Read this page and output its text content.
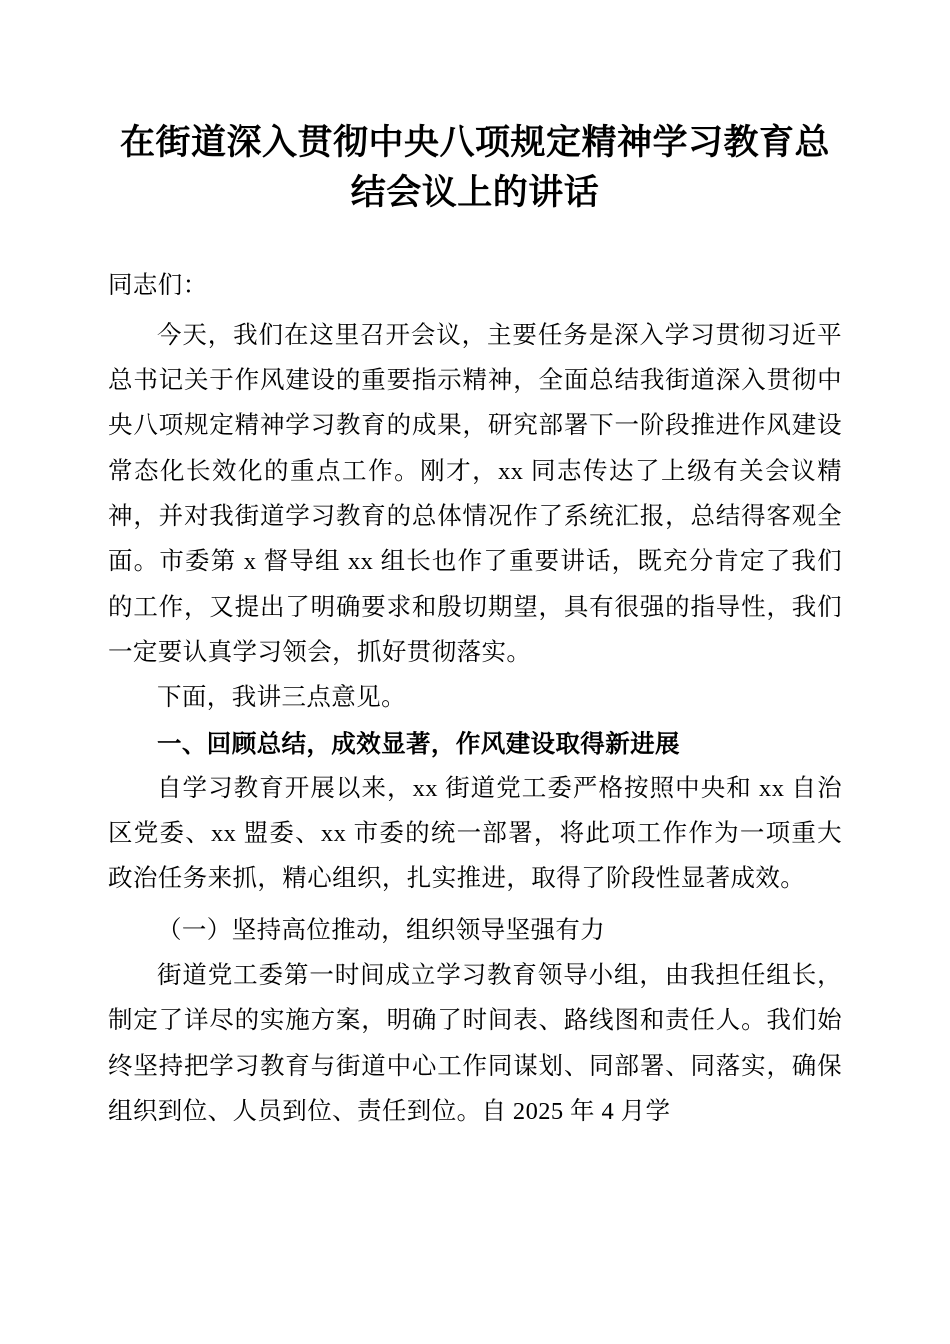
在街道深入贯彻中央八项规定精神学习教育总结会议上的讲话

同志们：

今天，我们在这里召开会议，主要任务是深入学习贯彻习近平总书记关于作风建设的重要指示精神，全面总结我街道深入贯彻中央八项规定精神学习教育的成果，研究部署下一阶段推进作风建设常态化长效化的重点工作。刚才，xx 同志传达了上级有关会议精神，并对我街道学习教育的总体情况作了系统汇报，总结得客观全面。市委第 x 督导组 xx 组长也作了重要讲话，既充分肯定了我们的工作，又提出了明确要求和殷切期望，具有很强的指导性，我们一定要认真学习领会，抓好贯彻落实。

下面，我讲三点意见。

一、回顾总结，成效显著，作风建设取得新进展

自学习教育开展以来，xx 街道党工委严格按照中央和 xx 自治区党委、xx 盟委、xx 市委的统一部署，将此项工作作为一项重大政治任务来抓，精心组织，扎实推进，取得了阶段性显著成效。

（一）坚持高位推动，组织领导坚强有力

街道党工委第一时间成立学习教育领导小组，由我担任组长，制定了详尽的实施方案，明确了时间表、路线图和责任人。我们始终坚持把学习教育与街道中心工作同谋划、同部署、同落实，确保组织到位、人员到位、责任到位。自 2025 年 4 月学
